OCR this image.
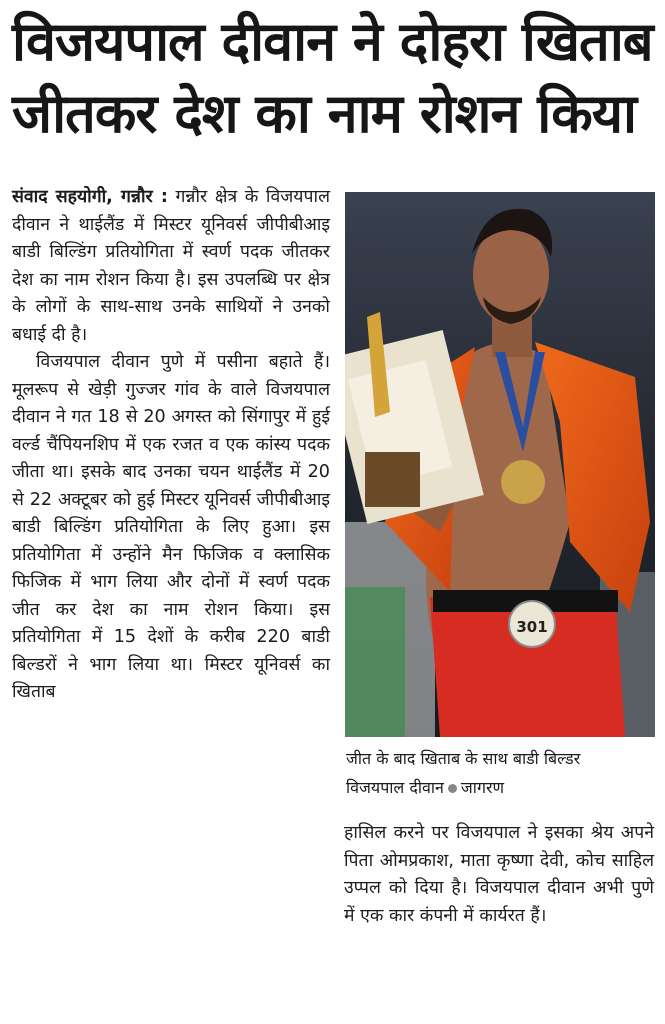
विजयपाल दीवान ने दोहरा खिताब जीतकर देश का नाम रोशन किया

संवाद सहयोगी, गन्नौर : गन्नौर क्षेत्र के विजयपाल दीवान ने थाईलैंड में मिस्टर यूनिवर्स जीपीबीआइ बाडी बिल्डिंग प्रतियोगिता में स्वर्ण पदक जीतकर देश का नाम रोशन किया है। इस उपलब्धि पर क्षेत्र के लोगों के साथ-साथ उनके साथियों ने उनको बधाई दी है।

विजयपाल दीवान पुणे में पसीना बहाते हैं। मूलरूप से खेड़ी गुज्जर गांव के वाले विजयपाल दीवान ने गत 18 से 20 अगस्त को सिंगापुर में हुई वर्ल्ड चैंपियनशिप में एक रजत व एक कांस्य पदक जीता था। इसके बाद उनका चयन थाईलैंड में 20 से 22 अक्टूबर को हुई मिस्टर यूनिवर्स जीपीबीआइ बाडी बिल्डिंग प्रतियोगिता के लिए हुआ। इस प्रतियोगिता में उन्होंने मैन फिजिक व क्लासिक फिजिक में भाग लिया और दोनों में स्वर्ण पदक जीत कर देश का नाम रोशन किया। इस प्रतियोगिता में 15 देशों के करीब 220 बाडी बिल्डरों ने भाग लिया था। मिस्टर यूनिवर्स का खिताब

301
जीत के बाद खिताब के साथ बाडी बिल्डर
विजयपाल दीवान जागरण

हासिल करने पर विजयपाल ने इसका श्रेय अपने पिता ओमप्रकाश, माता कृष्णा देवी, कोच साहिल उप्पल को दिया है। विजयपाल दीवान अभी पुणे में एक कार कंपनी में कार्यरत हैं।
